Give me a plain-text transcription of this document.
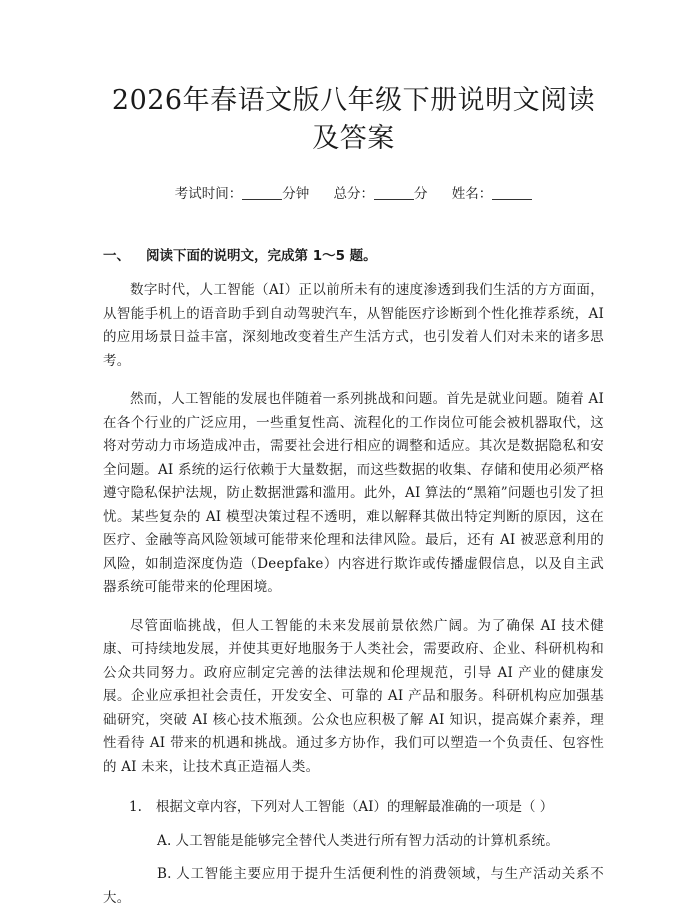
2026年春语文版八年级下册说明文阅读及答案
考试时间：	分钟 总分：	分 姓名：
一、 阅读下面的说明文，完成第 1～5 题。

数字时代，人工智能（AI）正以前所未有的速度渗透到我们生活的方方面面，从智能手机上的语音助手到自动驾驶汽车，从智能医疗诊断到个性化推荐系统，AI 的应用场景日益丰富，深刻地改变着生产生活方式，也引发着人们对未来的诸多思考。

然而，人工智能的发展也伴随着一系列挑战和问题。首先是就业问题。随着 AI 在各个行业的广泛应用，一些重复性高、流程化的工作岗位可能会被机器取代，这将对劳动力市场造成冲击，需要社会进行相应的调整和适应。其次是数据隐私和安全问题。AI 系统的运行依赖于大量数据，而这些数据的收集、存储和使用必须严格遵守隐私保护法规，防止数据泄露和滥用。此外，AI 算法的“黑箱”问题也引发了担忧。某些复杂的 AI 模型决策过程不透明，难以解释其做出特定判断的原因，这在医疗、金融等高风险领域可能带来伦理和法律风险。最后，还有 AI 被恶意利用的风险，如制造深度伪造（Deepfake）内容进行欺诈或传播虚假信息，以及自主武器系统可能带来的伦理困境。

尽管面临挑战，但人工智能的未来发展前景依然广阔。为了确保 AI 技术健康、可持续地发展，并使其更好地服务于人类社会，需要政府、企业、科研机构和公众共同努力。政府应制定完善的法律法规和伦理规范，引导 AI 产业的健康发展。企业应承担社会责任，开发安全、可靠的 AI 产品和服务。科研机构应加强基础研究，突破 AI 核心技术瓶颈。公众也应积极了解 AI 知识，提高媒介素养，理性看待 AI 带来的机遇和挑战。通过多方协作，我们可以塑造一个负责任、包容性的 AI 未来，让技术真正造福人类。

1. 根据文章内容，下列对人工智能（AI）的理解最准确的一项是（ ）

A. 人工智能是能够完全替代人类进行所有智力活动的计算机系统。

B. 人工智能主要应用于提升生活便利性的消费领域，与生产活动关系不大。
